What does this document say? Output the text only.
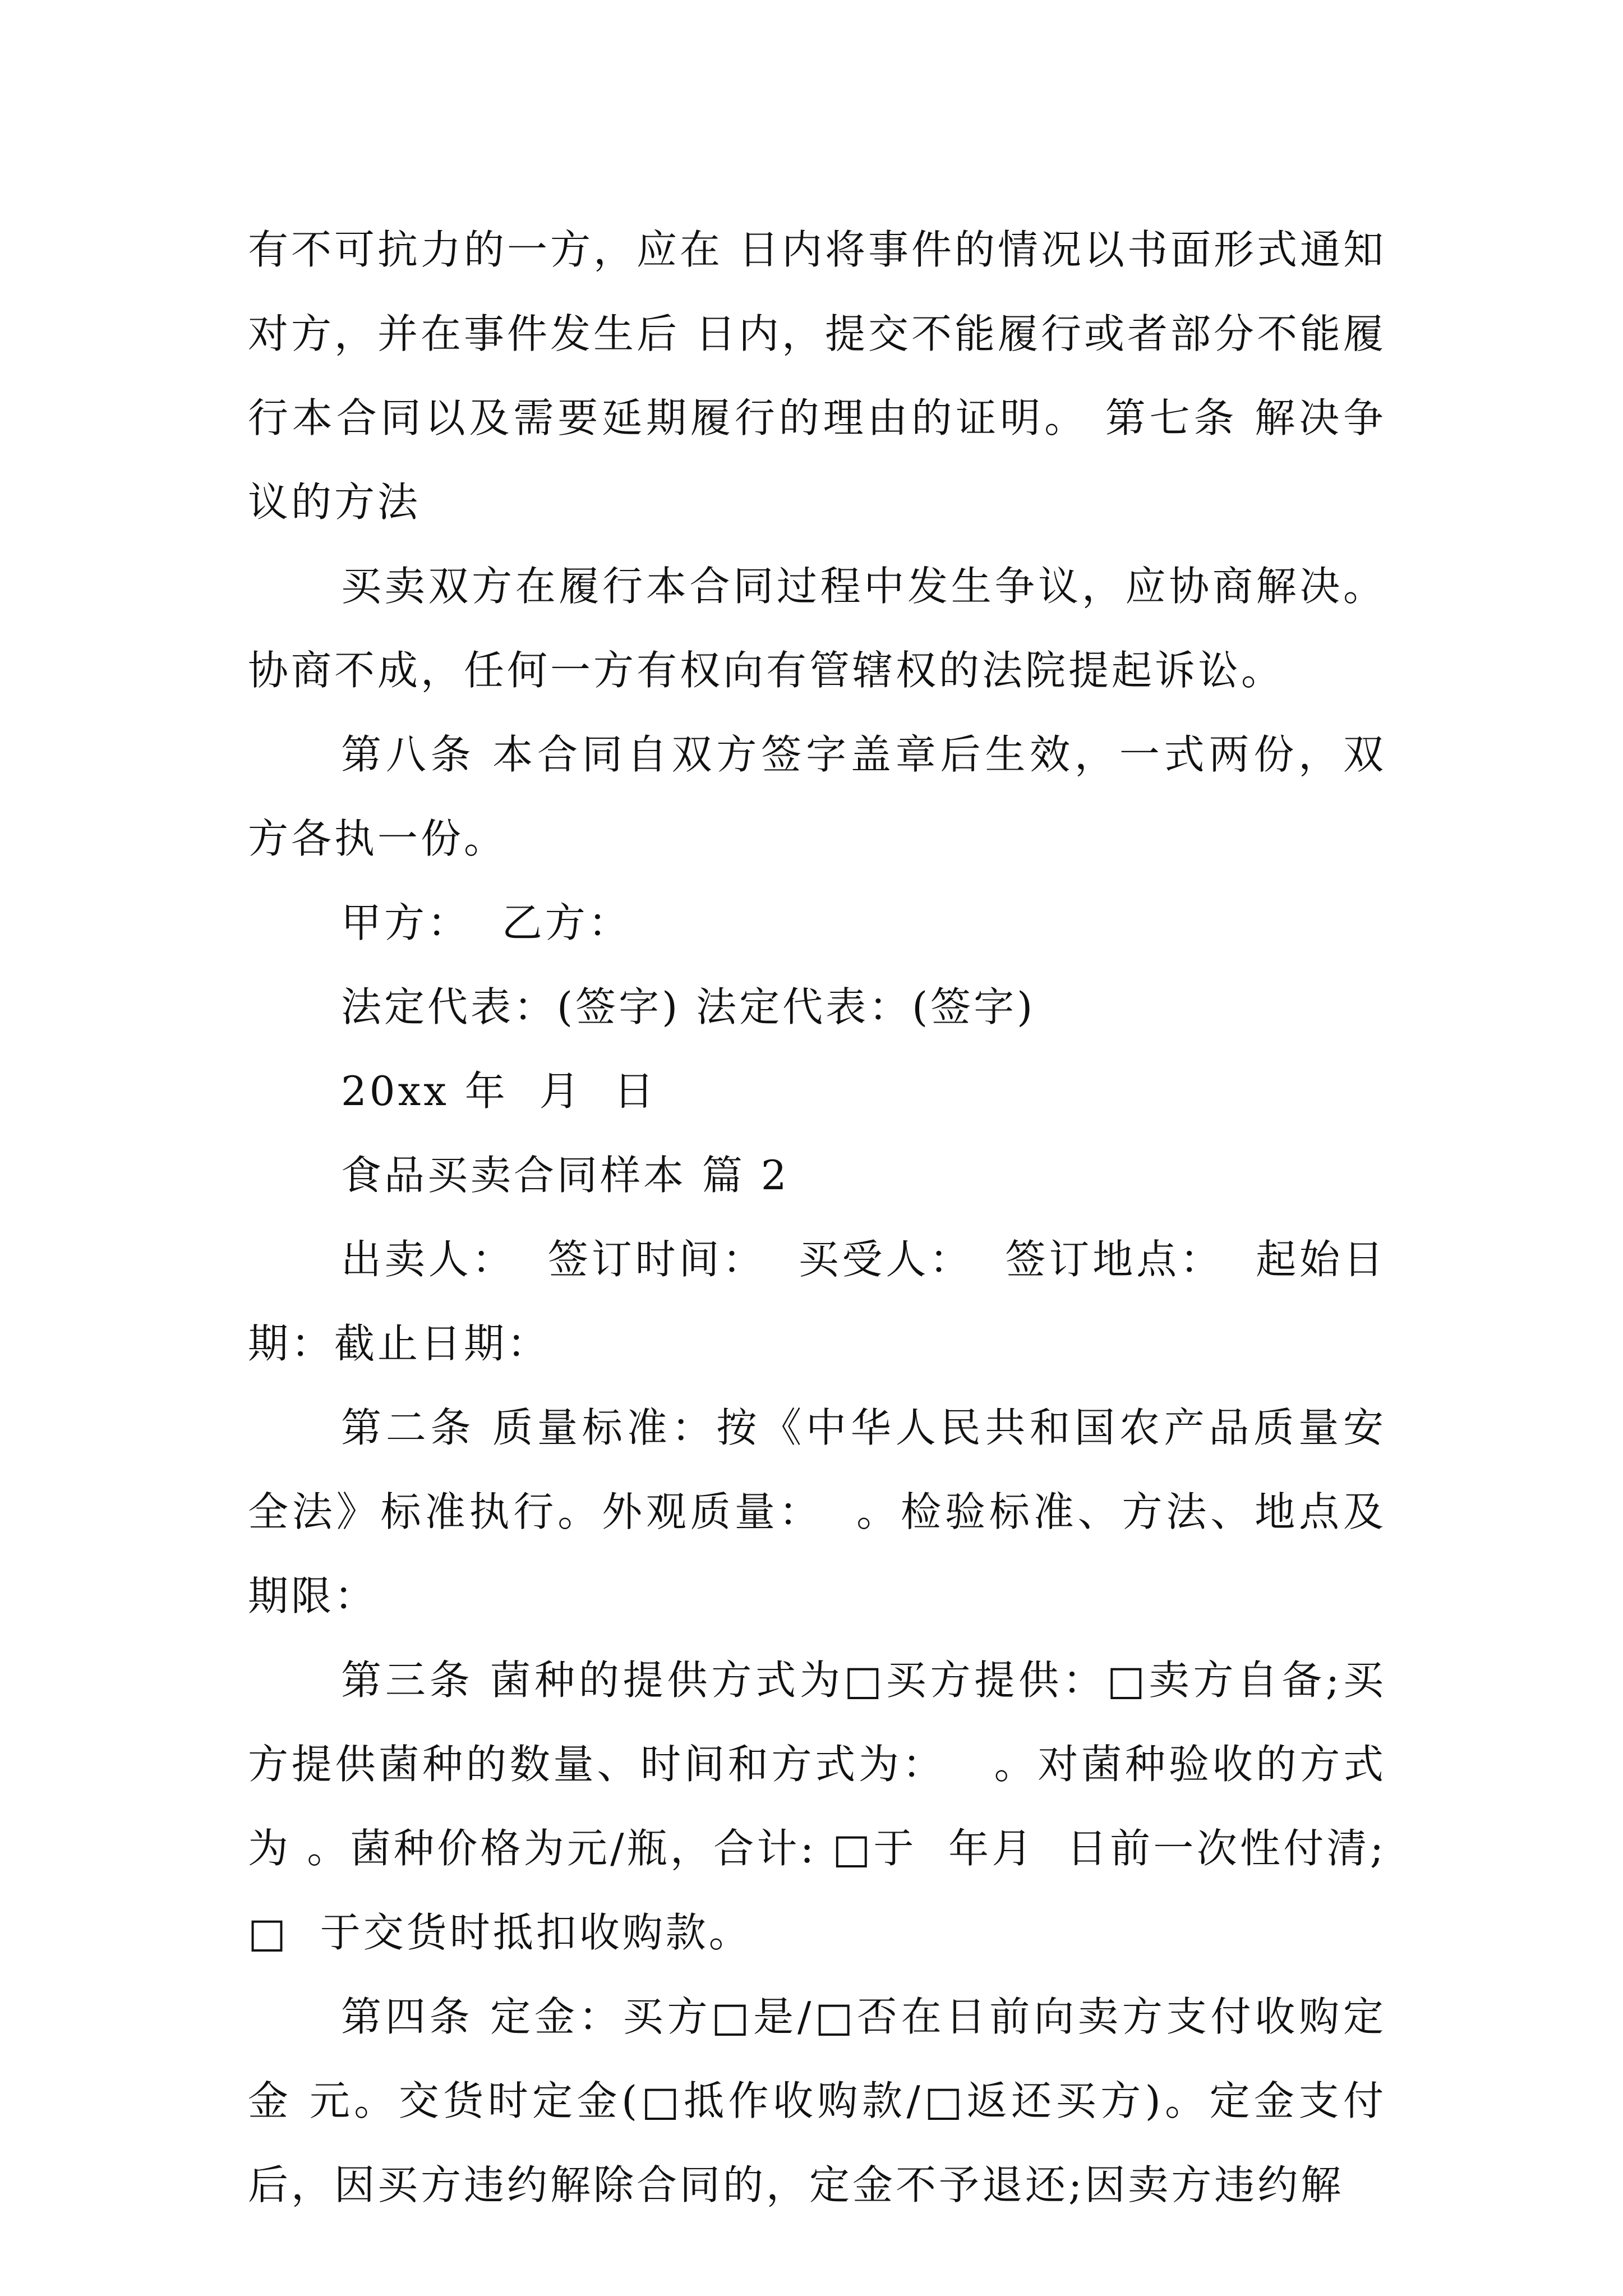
有不可抗力的一方，应在 日内将事件的情况以书面形式通知对方，并在事件发生后 日内，提交不能履行或者部分不能履行本合同以及需要延期履行的理由的证明。 第七条 解决争议的方法

买卖双方在履行本合同过程中发生争议，应协商解决。协商不成，任何一方有权向有管辖权的法院提起诉讼。

第八条 本合同自双方签字盖章后生效，一式两份，双方各执一份。

甲方：  乙方：

法定代表：(签字) 法定代表：(签字)

20xx 年  月  日

食品买卖合同样本 篇 2

出卖人：  签订时间：  买受人：  签订地点：  起始日期：截止日期：

第二条 质量标准：按《中华人民共和国农产品质量安全法》标准执行。外观质量：  。检验标准、方法、地点及期限：

第三条 菌种的提供方式为□买方提供：□卖方自备;买方提供菌种的数量、时间和方式为：   。对菌种验收的方式为 。菌种价格为元/瓶，合计: □于  年月  日前一次性付清;□  于交货时抵扣收购款。

第四条 定金：买方□是/□否在日前向卖方支付收购定金 元。交货时定金(□抵作收购款/□返还买方)。定金支付后，因买方违约解除合同的，定金不予退还;因卖方违约解
